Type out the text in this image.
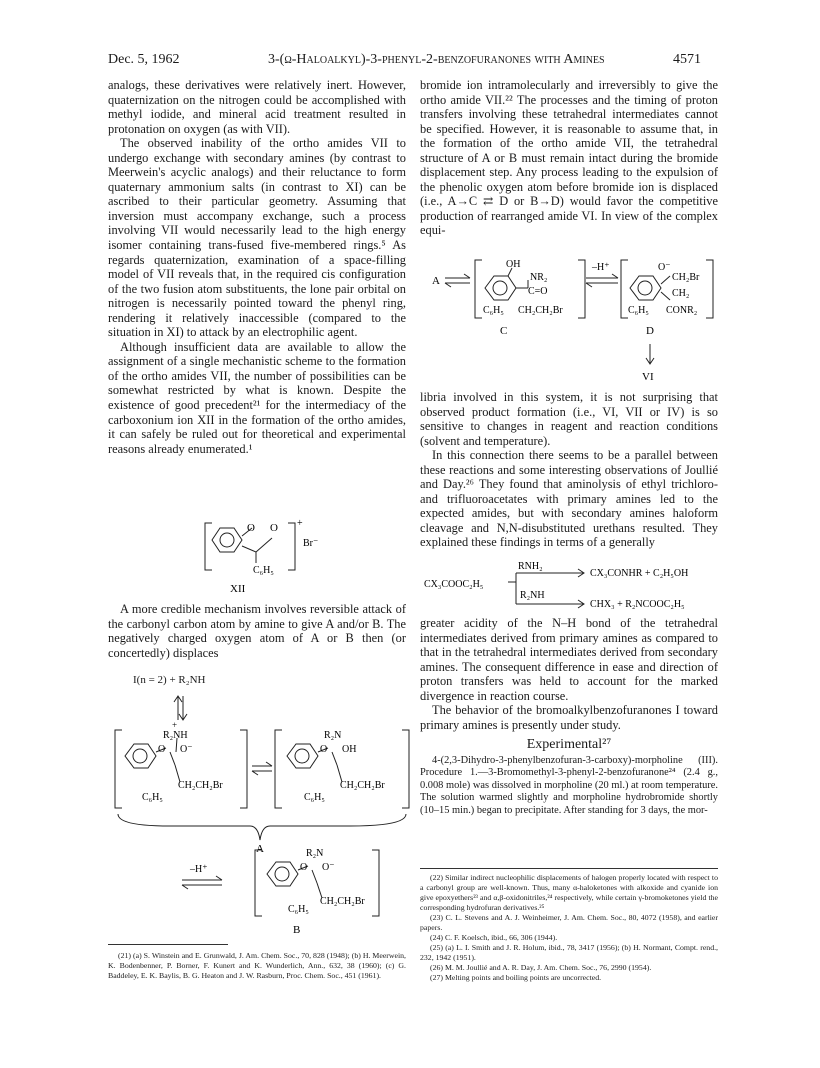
Dec. 5, 1962	3-(ω-Haloalkyl)-3-phenyl-2-benzofuranones with Amines	4571

analogs, these derivatives were relatively inert. However, quaternization on the nitrogen could be accomplished with methyl iodide, and mineral acid treatment resulted in protonation on oxygen (as with VII).

The observed inability of the ortho amides VII to undergo exchange with secondary amines (by contrast to Meerwein's acyclic analogs) and their reluctance to form quaternary ammonium salts (in contrast to XI) can be ascribed to their particular geometry. Assuming that inversion must accompany exchange, such a process involving VII would necessarily lead to the high energy isomer containing trans-fused five-membered rings.⁵ As regards quaternization, examination of a space-filling model of VII reveals that, in the required cis configuration of the two fusion atom substituents, the lone pair orbital on nitrogen is necessarily pointed toward the phenyl ring, rendering it relatively inaccessible (compared to the situation in XI) to attack by an electrophilic agent.

Although insufficient data are available to allow the assignment of a single mechanistic scheme to the formation of the ortho amides VII, the number of possibilities can be somewhat restricted by what is known. Despite the existence of good precedent²¹ for the intermediacy of the carboxonium ion XII in the formation of the ortho amides, it can safely be ruled out for theoretical and experimental reasons already enumerated.¹

O O +
Br⁻
C₆H₅
XII

A more credible mechanism involves reversible attack of the carbonyl carbon atom by amine to give A and/or B. The negatively charged oxygen atom of A or B then (or concertedly) displaces

I(n = 2) + R₂NH
R₂NH
+
O O⁻
CH₂CH₂Br
C₆H₅
R₂N
O OH
CH₂CH₂Br
C₆H₅
A
–H⁺
R₂N
O O⁻
CH₂CH₂Br
C₆H₅
B

(21) (a) S. Winstein and E. Grunwald, J. Am. Chem. Soc., 70, 828 (1948); (b) H. Meerwein, K. Bodenbenner, P. Borner, F. Kunert and K. Wunderlich, Ann., 632, 38 (1960); (c) G. Baddeley, E. K. Baylis, B. G. Heaton and J. W. Rasburn, Proc. Chem. Soc., 451 (1961).

bromide ion intramolecularly and irreversibly to give the ortho amide VII.²² The processes and the timing of proton transfers involving these tetrahedral intermediates cannot be specified. However, it is reasonable to assume that, in the formation of the ortho amide VII, the tetrahedral structure of A or B must remain intact during the bromide displacement step. Any process leading to the expulsion of the phenolic oxygen atom before bromide ion is displaced (i.e., A→C ⇄ D or B→D) would favor the competitive production of rearranged amide VI. In view of the complex equi-

A
OH
NR₂
C=O
C₆H₅ CH₂CH₂Br
C
–H⁺	O⁻
CH₂Br
CH₂
C₆H₅ CONR₂
D
VI

libria involved in this system, it is not surprising that observed product formation (i.e., VI, VII or IV) is so sensitive to changes in reagent and reaction conditions (solvent and temperature).

In this connection there seems to be a parallel between these reactions and some interesting observations of Joullié and Day.²⁶ They found that aminolysis of ethyl trichloro- and trifluoroacetates with primary amines led to the expected amides, but with secondary amines haloform cleavage and N,N-disubstituted urethans resulted. They explained these findings in terms of a generally

RNH₂
CX₃COOC₂H₅
R₂NH
CX₃CONHR + C₂H₅OH
CHX₃ + R₂NCOOC₂H₅

greater acidity of the N–H bond of the tetrahedral intermediates derived from primary amines as compared to that in the tetrahedral intermediates derived from secondary amines. The consequent difference in ease and direction of proton transfers was held to account for the marked divergence in reaction course.

The behavior of the bromoalkylbenzofuranones I toward primary amines is presently under study.

Experimental²⁷

4-(2,3-Dihydro-3-phenylbenzofuran-3-carboxy)-morpholine (III). Procedure 1.—3-Bromomethyl-3-phenyl-2-benzofuranone²⁴ (2.4 g., 0.008 mole) was dissolved in morpholine (20 ml.) at room temperature. The solution warmed slightly and morpholine hydrobromide shortly (10–15 min.) began to precipitate. After standing for 3 days, the mor-

(22) Similar indirect nucleophilic displacements of halogen properly located with respect to a carbonyl group are well-known. Thus, many α-haloketones with alkoxide and cyanide ion give epoxyethers²³ and α,β-oxidonitriles,²⁴ respectively, while certain γ-bromoketones yield the corresponding hydrofuran derivatives.²⁵

(23) C. L. Stevens and A. J. Weinheimer, J. Am. Chem. Soc., 80, 4072 (1958), and earlier papers.

(24) C. F. Koelsch, ibid., 66, 306 (1944).

(25) (a) L. I. Smith and J. R. Holum, ibid., 78, 3417 (1956); (b) H. Normant, Compt. rend., 232, 1942 (1951).

(26) M. M. Joullié and A. R. Day, J. Am. Chem. Soc., 76, 2990 (1954).

(27) Melting points and boiling points are uncorrected.
